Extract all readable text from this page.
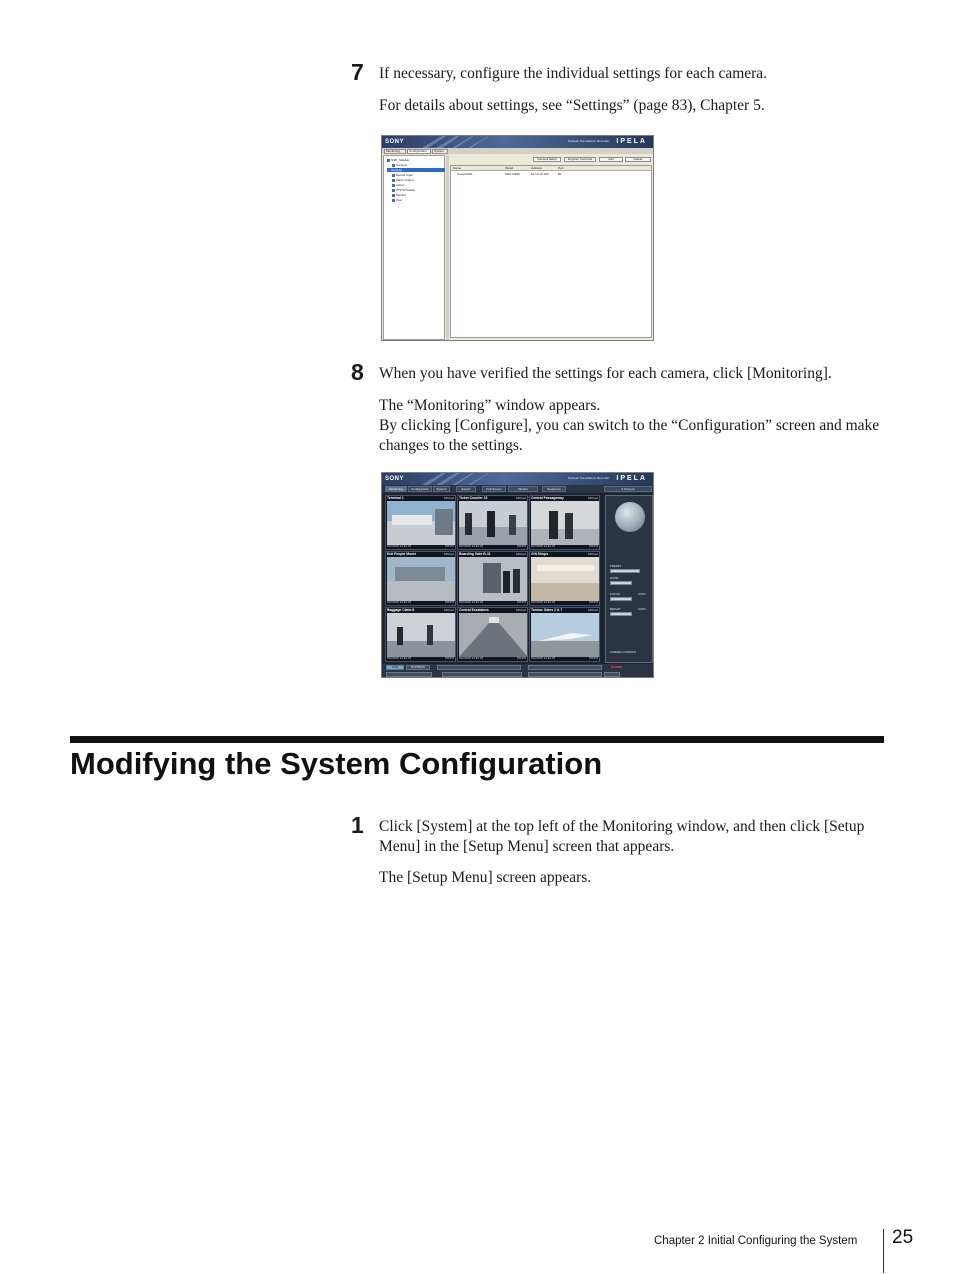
7 If necessary, configure the individual settings for each camera.

For details about settings, see “Settings” (page 83), Chapter 5.

SONY	Network Surveillance Recorder IPELA
Monitoring	Configuration	System
NSR_Sidebar
Camera
Camera
Sensor Input
Alarm Output
Action
PTZ Schedule
Monitor
User
Camera Setup	Register Cameras	Add	Delete
Name	Model	Address	Port
Camera001	SNC-RZ30	10.10.10.100	80
8 When you have verified the settings for each camera, click [Monitoring].

The “Monitoring” window appears.

By clicking [Configure], you can switch to the “Configuration” screen and make changes to the settings.

SONY	Network Surveillance Recorder IPELA
Monitoring	Configuration	System	Export	Full Screen	Monitor	Sequence	4 Camera
Terminal 1	64Kbps
01/15/06 14:40:15	15FPS
Ticket Counter 15	64Kbps
01/15/06 14:40:15	15FPS
Central Passageway	64Kbps
01/15/06 14:40:15	15FPS
Exit People Mover	64Kbps
01/15/06 14:40:15	15FPS
Boarding Gate B-31	64Kbps
01/15/06 14:40:15	15FPS
Gift Shops	64Kbps
01/15/06 14:40:15	15FPS
Baggage Claim 8	64Kbps
01/15/06 14:40:15	15FPS
Central Escalators	64Kbps
01/15/06 14:40:15	15FPS
Tarmac Gates 2 & 7	64Kbps
01/15/06 14:40:15	15FPS
PRESET
ZOOM
FOCUS	AUTO
BRIGHT	AUTO
CAMERA CONTROL
LIVE	PLAYBACK	ALARM
Modifying the System Configuration
1 Click [System] at the top left of the Monitoring window, and then click [Setup Menu] in the [Setup Menu] screen that appears.

The [Setup Menu] screen appears.

Chapter 2 Initial Configuring the System 25
